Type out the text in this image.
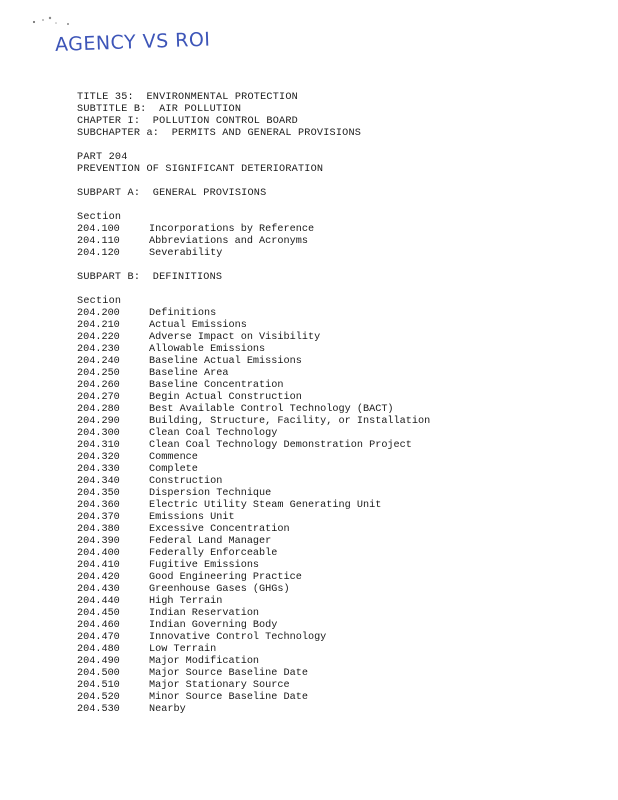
AGENCY VS ROI
TITLE 35:  ENVIRONMENTAL PROTECTION
SUBTITLE B:  AIR POLLUTION
CHAPTER I:  POLLUTION CONTROL BOARD
SUBCHAPTER a:  PERMITS AND GENERAL PROVISIONS
PART 204
PREVENTION OF SIGNIFICANT DETERIORATION
SUBPART A:  GENERAL PROVISIONS
Section
204.100	Incorporations by Reference
204.110	Abbreviations and Acronyms
204.120	Severability
SUBPART B:  DEFINITIONS
Section
204.200	Definitions
204.210	Actual Emissions
204.220	Adverse Impact on Visibility
204.230	Allowable Emissions
204.240	Baseline Actual Emissions
204.250	Baseline Area
204.260	Baseline Concentration
204.270	Begin Actual Construction
204.280	Best Available Control Technology (BACT)
204.290	Building, Structure, Facility, or Installation
204.300	Clean Coal Technology
204.310	Clean Coal Technology Demonstration Project
204.320	Commence
204.330	Complete
204.340	Construction
204.350	Dispersion Technique
204.360	Electric Utility Steam Generating Unit
204.370	Emissions Unit
204.380	Excessive Concentration
204.390	Federal Land Manager
204.400	Federally Enforceable
204.410	Fugitive Emissions
204.420	Good Engineering Practice
204.430	Greenhouse Gases (GHGs)
204.440	High Terrain
204.450	Indian Reservation
204.460	Indian Governing Body
204.470	Innovative Control Technology
204.480	Low Terrain
204.490	Major Modification
204.500	Major Source Baseline Date
204.510	Major Stationary Source
204.520	Minor Source Baseline Date
204.530	Nearby
